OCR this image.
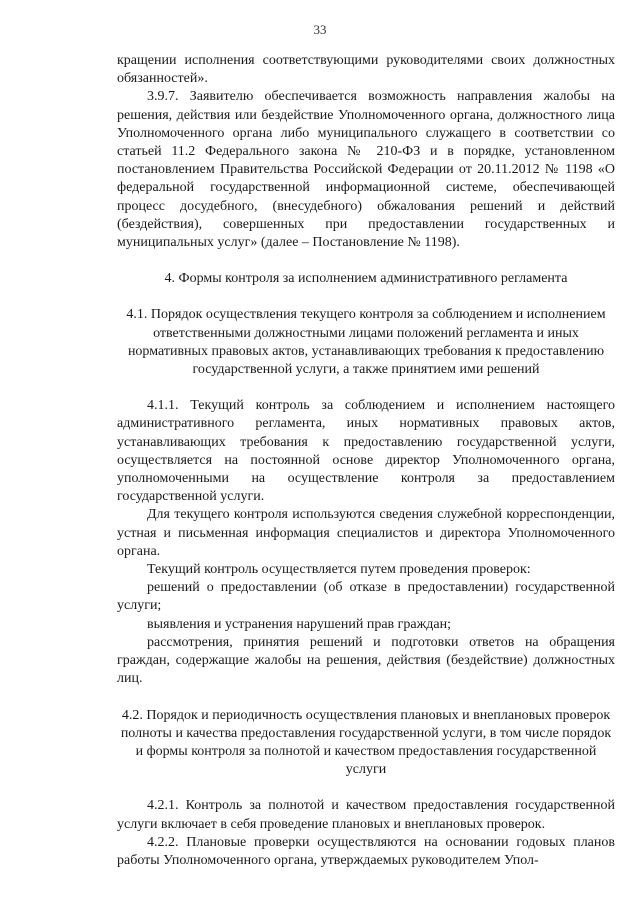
33

кращении исполнения соответствующими руководителями своих должностных обязанностей».

3.9.7. Заявителю обеспечивается возможность направления жалобы на решения, действия или бездействие Уполномоченного органа, должностного лица Уполномоченного органа либо муниципального служащего в соответствии со статьей 11.2 Федерального закона № 210-ФЗ и в порядке, установленном постановлением Правительства Российской Федерации от 20.11.2012 № 1198 «О федеральной государственной информационной системе, обеспечивающей процесс досудебного, (внесудебного) обжалования решений и действий (бездействия), совершенных при предоставлении государственных и муниципальных услуг» (далее – Постановление № 1198).

4. Формы контроля за исполнением административного регламента

4.1. Порядок осуществления текущего контроля за соблюдением и исполнением ответственными должностными лицами положений регламента и иных нормативных правовых актов, устанавливающих требования к предоставлению государственной услуги, а также принятием ими решений

4.1.1. Текущий контроль за соблюдением и исполнением настоящего административного регламента, иных нормативных правовых актов, устанавливающих требования к предоставлению государственной услуги, осуществляется на постоянной основе директор Уполномоченного органа, уполномоченными на осуществление контроля за предоставлением государственной услуги.

Для текущего контроля используются сведения служебной корреспонденции, устная и письменная информация специалистов и директора Уполномоченного органа.

Текущий контроль осуществляется путем проведения проверок:

решений о предоставлении (об отказе в предоставлении) государственной услуги;

выявления и устранения нарушений прав граждан;

рассмотрения, принятия решений и подготовки ответов на обращения граждан, содержащие жалобы на решения, действия (бездействие) должностных лиц.

4.2. Порядок и периодичность осуществления плановых и внеплановых проверок полноты и качества предоставления государственной услуги, в том числе порядок и формы контроля за полнотой и качеством предоставления государственной услуги

4.2.1. Контроль за полнотой и качеством предоставления государственной услуги включает в себя проведение плановых и внеплановых проверок.

4.2.2. Плановые проверки осуществляются на основании годовых планов работы Уполномоченного органа, утверждаемых руководителем Упол-
